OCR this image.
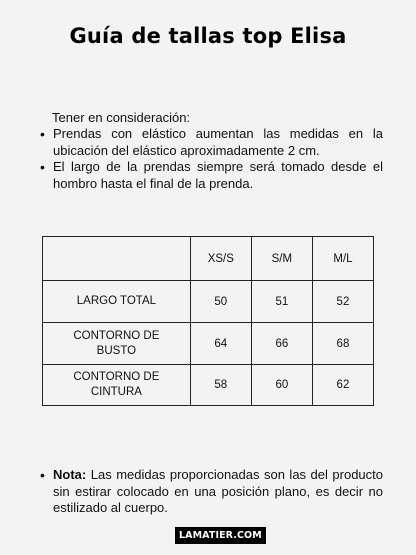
Guía de tallas top Elisa
Tener en consideración:
• Prendas con elástico aumentan las medidas en la ubicación del elástico aproximadamente 2 cm.
• El largo de la prendas siempre será tomado desde el hombro hasta el final de la prenda.
	XS/S	S/M	M/L
LARGO TOTAL	50	51	52
CONTORNO DE BUSTO	64	66	68
CONTORNO DE CINTURA	58	60	62
• Nota: Las medidas proporcionadas son las del producto sin estirar colocado en una posición plano, es decir no estilizado al cuerpo.
LAMATIER.COM
